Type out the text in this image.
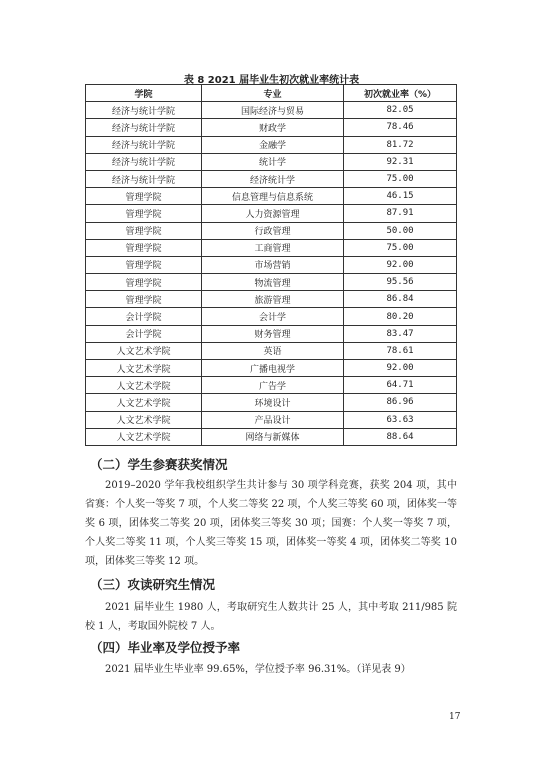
表 8 2021 届毕业生初次就业率统计表
学院	专业	初次就业率（%）
经济与统计学院	国际经济与贸易	82.05
经济与统计学院	财政学	78.46
经济与统计学院	金融学	81.72
经济与统计学院	统计学	92.31
经济与统计学院	经济统计学	75.00
管理学院	信息管理与信息系统	46.15
管理学院	人力资源管理	87.91
管理学院	行政管理	50.00
管理学院	工商管理	75.00
管理学院	市场营销	92.00
管理学院	物流管理	95.56
管理学院	旅游管理	86.84
会计学院	会计学	80.20
会计学院	财务管理	83.47
人文艺术学院	英语	78.61
人文艺术学院	广播电视学	92.00
人文艺术学院	广告学	64.71
人文艺术学院	环境设计	86.96
人文艺术学院	产品设计	63.63
人文艺术学院	网络与新媒体	88.64
（二）学生参赛获奖情况

2019–2020 学年我校组织学生共计参与 30 项学科竞赛，获奖 204 项，其中省赛：个人奖一等奖 7 项，个人奖二等奖 22 项，个人奖三等奖 60 项，团体奖一等奖 6 项，团体奖二等奖 20 项，团体奖三等奖 30 项；国赛：个人奖一等奖 7 项，个人奖二等奖 11 项，个人奖三等奖 15 项，团体奖一等奖 4 项，团体奖二等奖 10 项，团体奖三等奖 12 项。

（三）攻读研究生情况

2021 届毕业生 1980 人，考取研究生人数共计 25 人，其中考取 211/985 院校 1 人，考取国外院校 7 人。

（四）毕业率及学位授予率

2021 届毕业生毕业率 99.65%，学位授予率 96.31%。（详见表 9）

17
